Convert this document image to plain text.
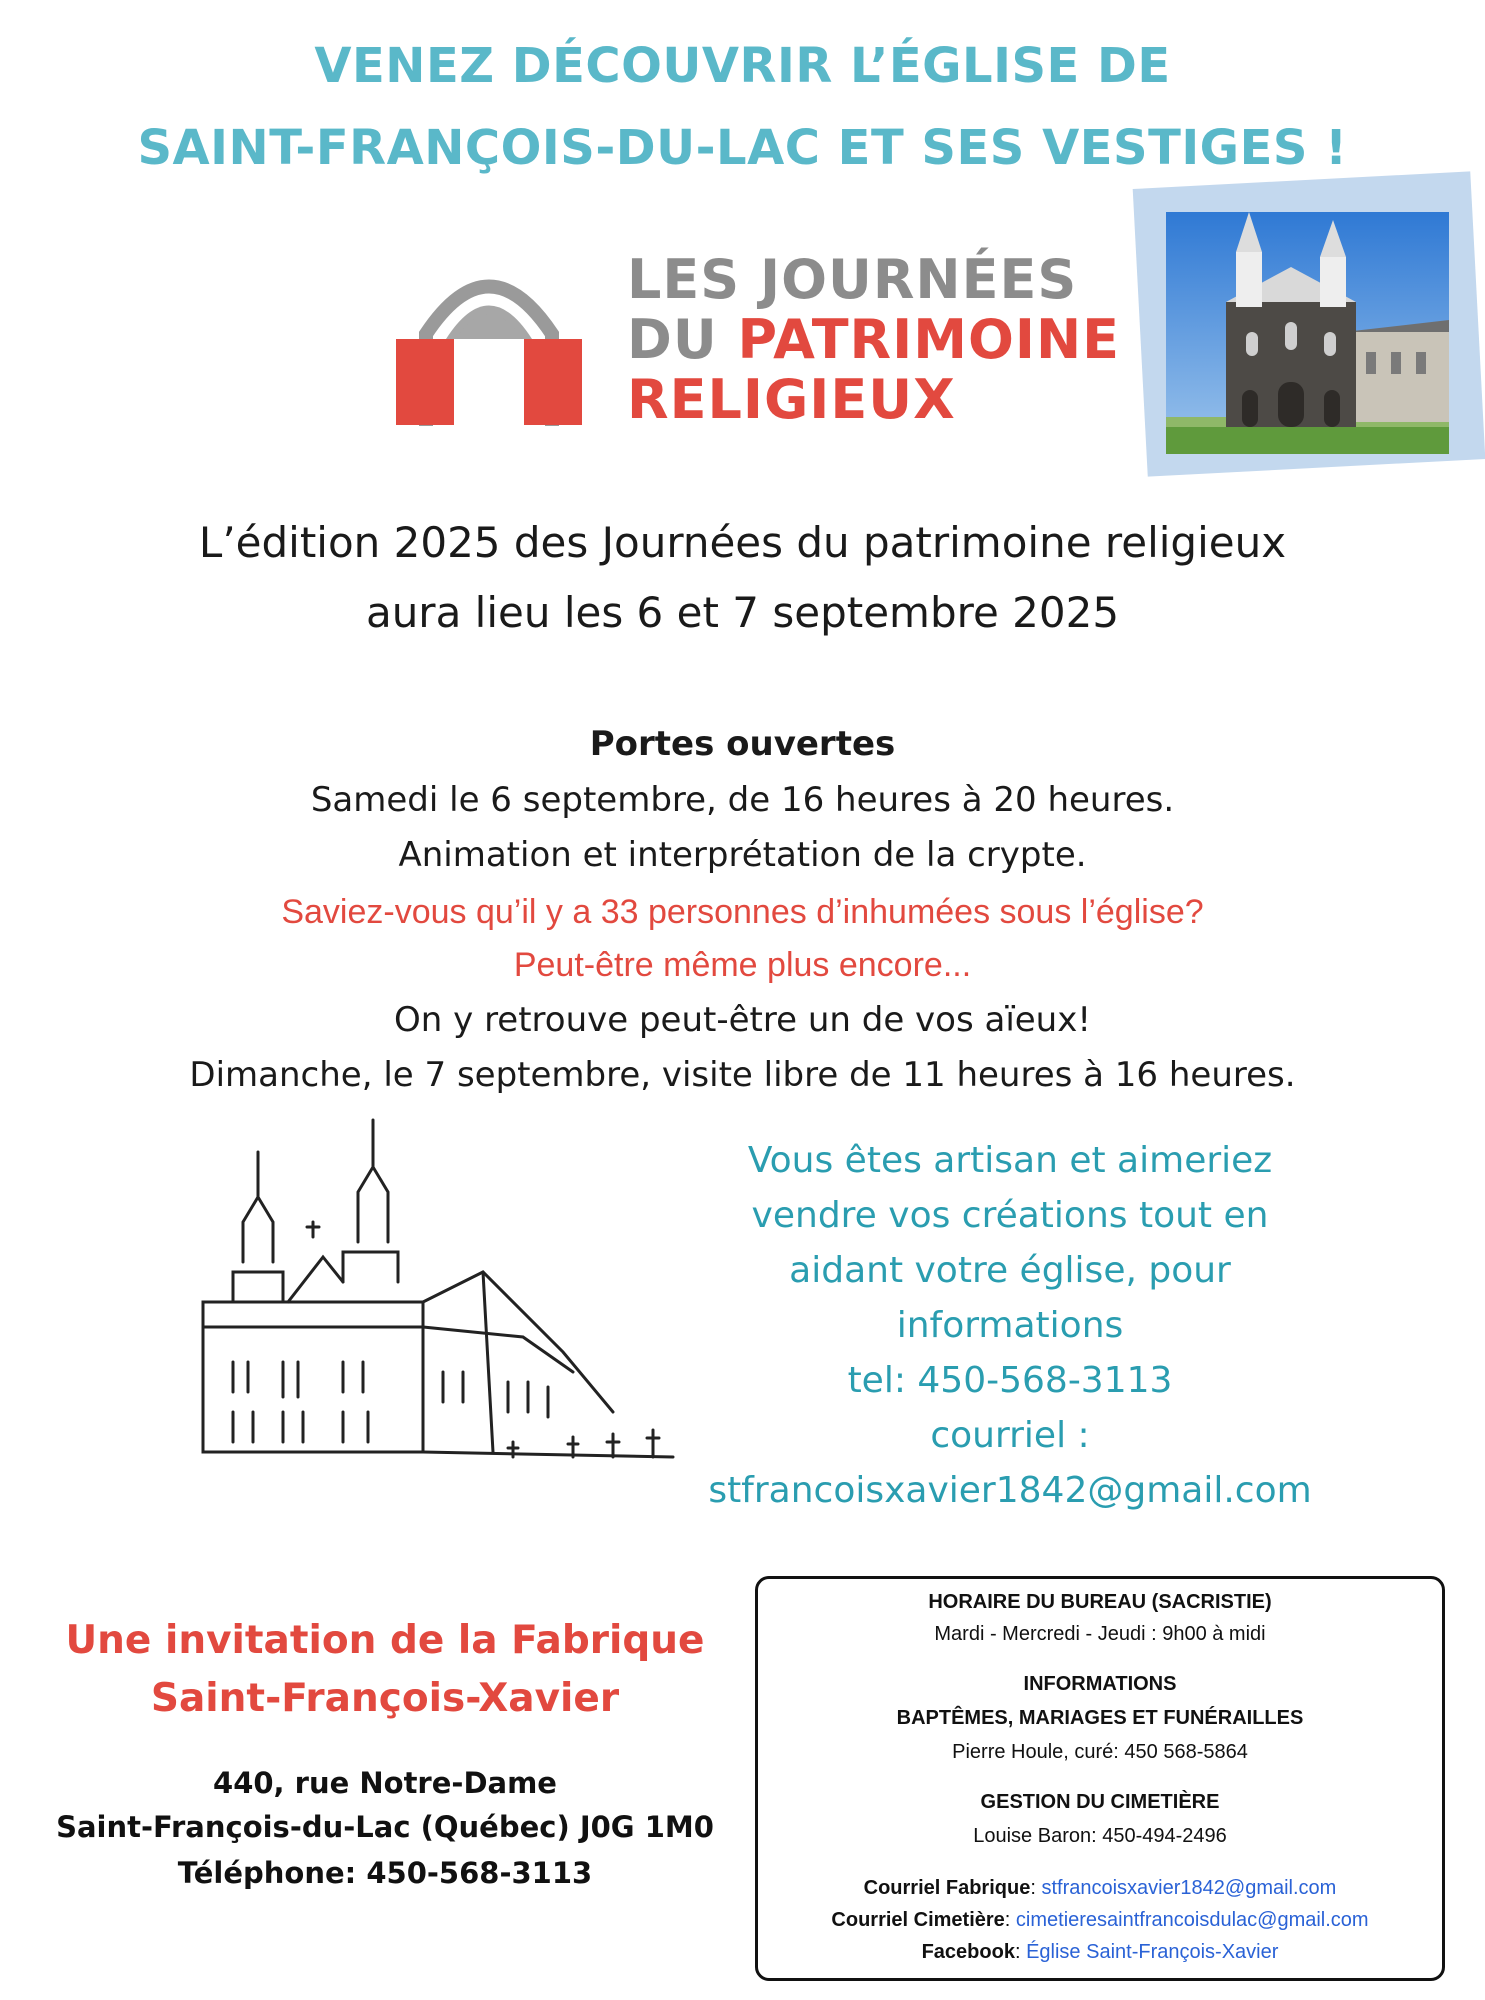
VENEZ DÉCOUVRIR L’ÉGLISE DE
SAINT-FRANÇOIS-DU-LAC ET SES VESTIGES !
LES JOURNÉES
DU PATRIMOINE
RELIGIEUX
L’édition 2025 des Journées du patrimoine religieux
aura lieu les 6 et 7 septembre 2025
Portes ouvertes
Samedi le 6 septembre, de 16 heures à 20 heures.
Animation et interprétation de la crypte.
Saviez-vous qu’il y a 33 personnes d’inhumées sous l’église?
Peut-être même plus encore...
On y retrouve peut-être un de vos aïeux!
Dimanche, le 7 septembre, visite libre de 11 heures à 16 heures.
Vous êtes artisan et aimeriez
vendre vos créations tout en
aidant votre église, pour
informations
tel: 450-568-3113
courriel :
stfrancoisxavier1842@gmail.com
Une invitation de la Fabrique
Saint-François-Xavier
440, rue Notre-Dame
Saint-François-du-Lac (Québec) J0G 1M0
Téléphone: 450-568-3113
HORAIRE DU BUREAU (SACRISTIE)
Mardi - Mercredi - Jeudi : 9h00 à midi
INFORMATIONS
BAPTÊMES, MARIAGES ET FUNÉRAILLES
Pierre Houle, curé: 450 568-5864
GESTION DU CIMETIÈRE
Louise Baron: 450-494-2496
Courriel Fabrique: stfrancoisxavier1842@gmail.com
Courriel Cimetière: cimetieresaintfrancoisdulac@gmail.com
Facebook: Église Saint-François-Xavier
